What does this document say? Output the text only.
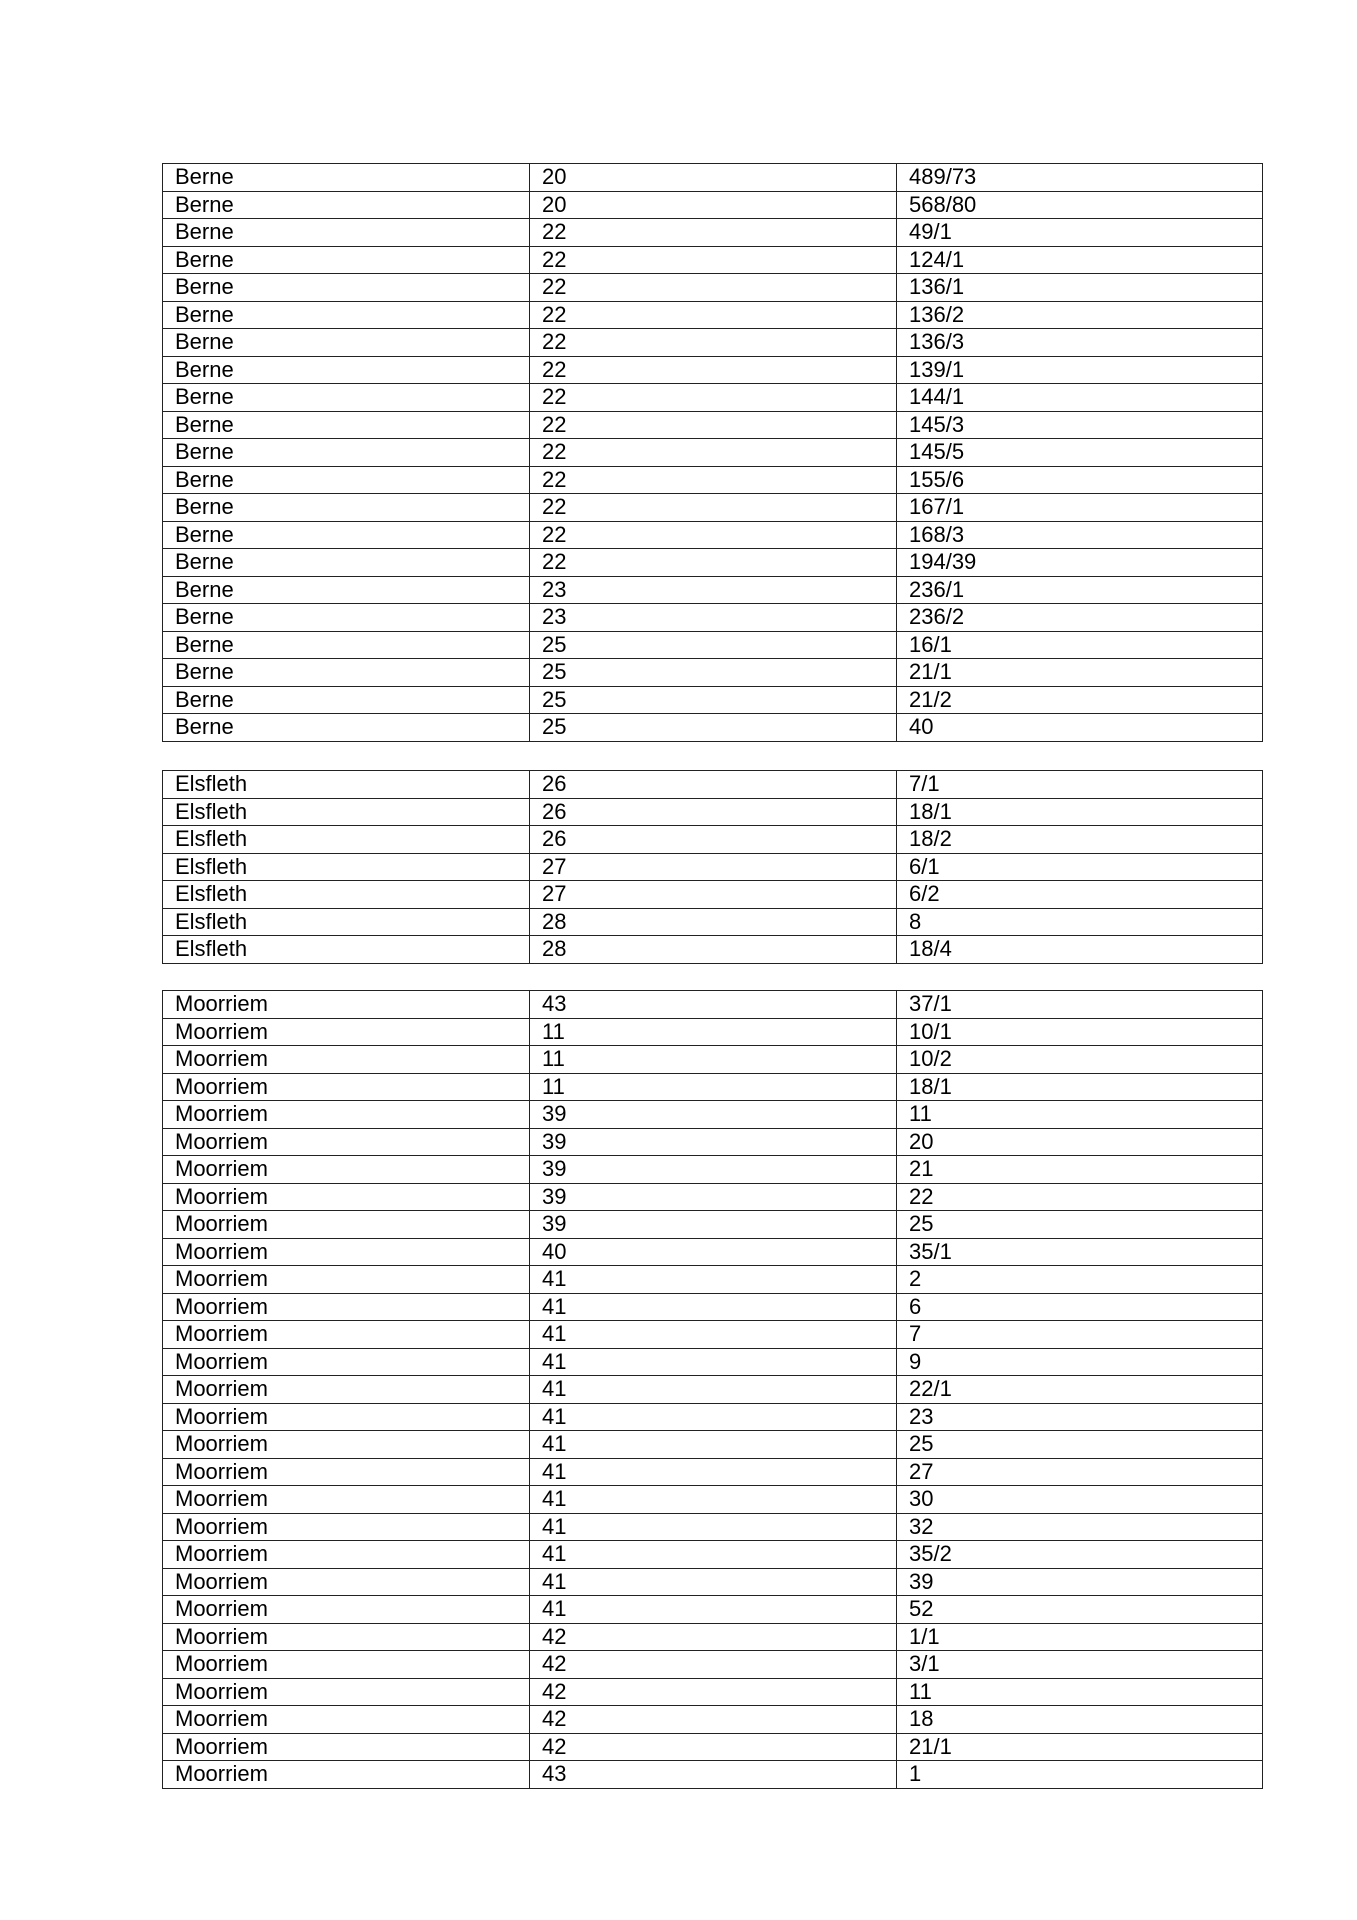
Berne	20	489/73
Berne	20	568/80
Berne	22	49/1
Berne	22	124/1
Berne	22	136/1
Berne	22	136/2
Berne	22	136/3
Berne	22	139/1
Berne	22	144/1
Berne	22	145/3
Berne	22	145/5
Berne	22	155/6
Berne	22	167/1
Berne	22	168/3
Berne	22	194/39
Berne	23	236/1
Berne	23	236/2
Berne	25	16/1
Berne	25	21/1
Berne	25	21/2
Berne	25	40
Elsfleth	26	7/1
Elsfleth	26	18/1
Elsfleth	26	18/2
Elsfleth	27	6/1
Elsfleth	27	6/2
Elsfleth	28	8
Elsfleth	28	18/4
Moorriem	43	37/1
Moorriem	11	10/1
Moorriem	11	10/2
Moorriem	11	18/1
Moorriem	39	11
Moorriem	39	20
Moorriem	39	21
Moorriem	39	22
Moorriem	39	25
Moorriem	40	35/1
Moorriem	41	2
Moorriem	41	6
Moorriem	41	7
Moorriem	41	9
Moorriem	41	22/1
Moorriem	41	23
Moorriem	41	25
Moorriem	41	27
Moorriem	41	30
Moorriem	41	32
Moorriem	41	35/2
Moorriem	41	39
Moorriem	41	52
Moorriem	42	1/1
Moorriem	42	3/1
Moorriem	42	11
Moorriem	42	18
Moorriem	42	21/1
Moorriem	43	1
